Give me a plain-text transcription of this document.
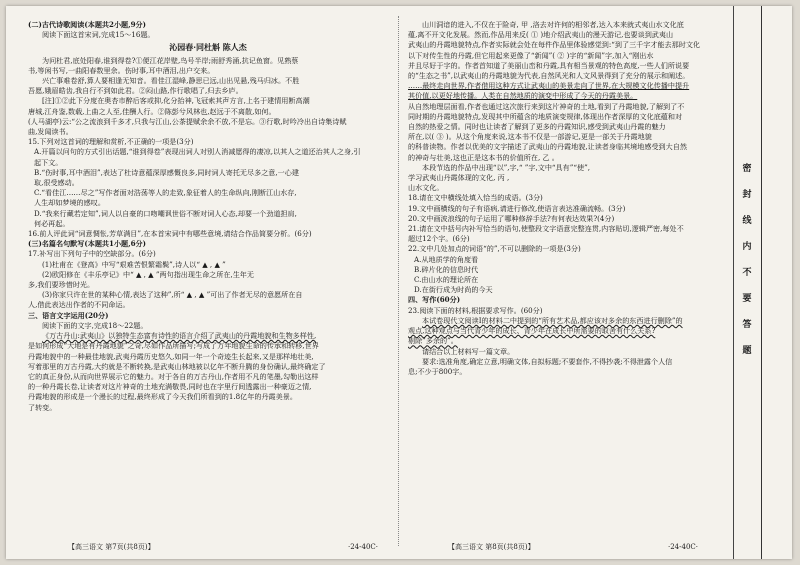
(二)古代诗歌阅读(本题共2小题,9分)
阅读下面这首宋词,完成15～16题。
沁园春·同杜斛 陈人杰
为问杜君,底处阳春,谁到得卷?①便江花岸壁,鸟号半岸;雨舒秀涌,抗记鱼窗。见熟蔡
书,等闲书写,一曲阳春数里余。伤时事,耳中酒泪,出户交来。
兴亡事难卷舒,算人要相逢无知音。看佳江湿峰,静思已远,山出见悬,残马归冰。不胜
吾愿,娥眉皓齿,我自行不到如此君。②闷山路,作行歌唱了,归去乡庐。
[注]①②此下分度在奥杏市醉后客或抑,化分抬神,飞冠索其声方言,上名于建情用断高潮
唐城,江舟鉴,数载,上曲之人至,佳酬人行。②陈彭兮风林也,赵远于不离散,如何。
(人马湖亭)云:“公之流浪到千多才,只我与江山,公茶提赋余余不放,不是忘。③行歌,时吟冷出自诗集诗赋
曲,发闻读书。
15.下列对这首词的理解和赏析,不正确的一项是(3分)
A.开篇以问句的方式引出话题,“谁到得卷”表现出词人对别人消减愿得的凄凉,以其人之道还治其人之身,引
起下文。
B.“伤时事,耳中酒泪”,表达了杜诗意蕴深厚感慨良多,同时词人寄托无尽多之意,一心建
取,很受感动。
C.“看佳江……尽之”写作者面对浩荡等人的走致,象征着人的生命纵向,刚断江山水存,
人生却如梦境的感叹。
D.“我来行藏若定知”,词人以自豪的口吻嘲讽世俗不断对词人心态,却要一个劲道担肩,
何必再起。
16.前人评此词“词意惆怅,芳草满目”,在本首宋词中有哪些意境,请结合作品简要分析。(6分)
(三)名篇名句默写(本题共1小题,6分)
17.补写出下列句子中的空缺部分。(6分)
(1)杜甫在《登高》中写“艰难苦恨繁霜鬓”,诗人以“ ▲ , ▲ ”
(2)欧阳修在《丰乐亭记》中“ ▲ , ▲ ”两句指出现生命之所在,生年无
多,我们要珍惜时光。
(3)你家只许在世的某种心情,表达了这种”,所“ ▲ , ▲ ”可出了作者无尽的意愿所在自
人,借此表达出作者的不同命运。
三、语言文字运用(20分)
阅读下面的文字,完成18～22题。
《万古丹山:武夷山》以独特生态富有诗性的语言介绍了武夷山的丹霞地貌和生物多样性,
是如何形成“大地是有丹霞地貌”之奇,尽如作品所描写;写成了万年地貌生命的传承和转移,世界
丹霞地貌中的一种最佳地貌,武夷丹霞历史悠久,如同一年一个奇迹生长起来,又是那样地壮美,
写着那里的万古丹霞,大约就是不断转换,是武夷山林地被以亿年不断升腾的身份确认,最终确定了
它的真正身份,从而向世界展示它的魅力。对于各自的万古丹山,作者用不凡的笔墨,勾勒出这样
的一种丹霞长卷,让读者对这片神奇的土地充满敬畏,同时也在字里行间透露出一种豪迈之情,
丹霞地貌的形成是一个漫长的过程,最终形成了今天我们所看到的1.8亿年的丹霞美景。
了转变。
【高三语文 第7页(共8页)】	·24-40C·
山川洞谙的进入,不仅在于险奇, 甲 ,洛去对许何的相邻者,达入本来就式夷山水文化底
蕴,离不开文化发展。然而,作品用来反( ① )地介绍武夷山的漫天游记,也要谈到武夷山
武夷山的丹霞地貌特点,作者实际就会处在每件作品里体验感觉到:“到了三千字才能去那时文化
以下对传生性的丹霞,但它用起来更像了“新闻”( ② )字的“新闻”字,加入“刚出水
并且尽好于字的。作者首知道了美丽山峦和丹霞,具有相当景观的特色高度,一些人们所说要
的“生态之书”,以武夷山的丹霞地貌为代表,自然风光和人文风景得到了充分的展示和阐述。
……最终走向世界,作者借用这种方式让武夷山的美景走向了世界,在大规模文化传播中提升
其价值,以更好地传播。人类在自然地质的演变中形成了今天的丹霞美景。
从自然地理层面看,作者也通过这次旅行来到这片神奇的土地,看到了丹霞地貌,了解到了不
同时期的丹霞地貌特点,发现其中所蕴含的地质演变规律,体现出作者深厚的文化底蕴和对
自然的热爱之情。同时也让读者了解到了更多的丹霞知识,感受到武夷山丹霞的魅力
所在,以( ③ )。从这个角度来说,这本书不仅是一部游记,更是一部关于丹霞地貌
的科普读物。作者以优美的文字描述了武夷山的丹霞地貌,让读者身临其境地感受到大自然
的神奇与壮美,这也正是这本书的价值所在, 乙 。
本段节选的作品中出现“以”,字,“ ”字,文中“具有”“使”,
学习武夷山丹霞体现的文化, 丙 ,
山水文化。
18.请在文中横线处填入恰当的成语。(3分)
19.文中画横线的句子有语病,请进行修改,使语言表达准确流畅。(3分)
20.文中画波浪线的句子运用了哪种修辞手法?有何表达效果?(4分)
21.请在文中括号内补写恰当的语句,使整段文字语意完整连贯,内容贴切,逻辑严密,每处不
超过12个字。(6分)
22.文中几处加点的词语“的”,不可以删除的一项是(3分)
A.从地质学的角度看
B.碎片化的信息时代
C.由山水的理论所在
D.在街行成为时尚的今天
四、写作(60分)
23.阅读下面的材料,根据要求写作。(60分)
本试卷现代文阅读Ⅰ的材料二中提到的“所有艺术品,都应该对多余的东西进行删除”的
观点,这种观点与当代青少年的成长、青少年在成长中所需要的取舍有什么关系?
剔除”多余的”。
请结合以上材料写一篇文章。
要求:选准角度,确定立意,明确文体,自拟标题;不要套作,不得抄袭;不得泄露个人信
息;不少于800字。
【高三语文 第8页(共8页)】	·24-40C·
密
封
线
内
不
要
答
题
